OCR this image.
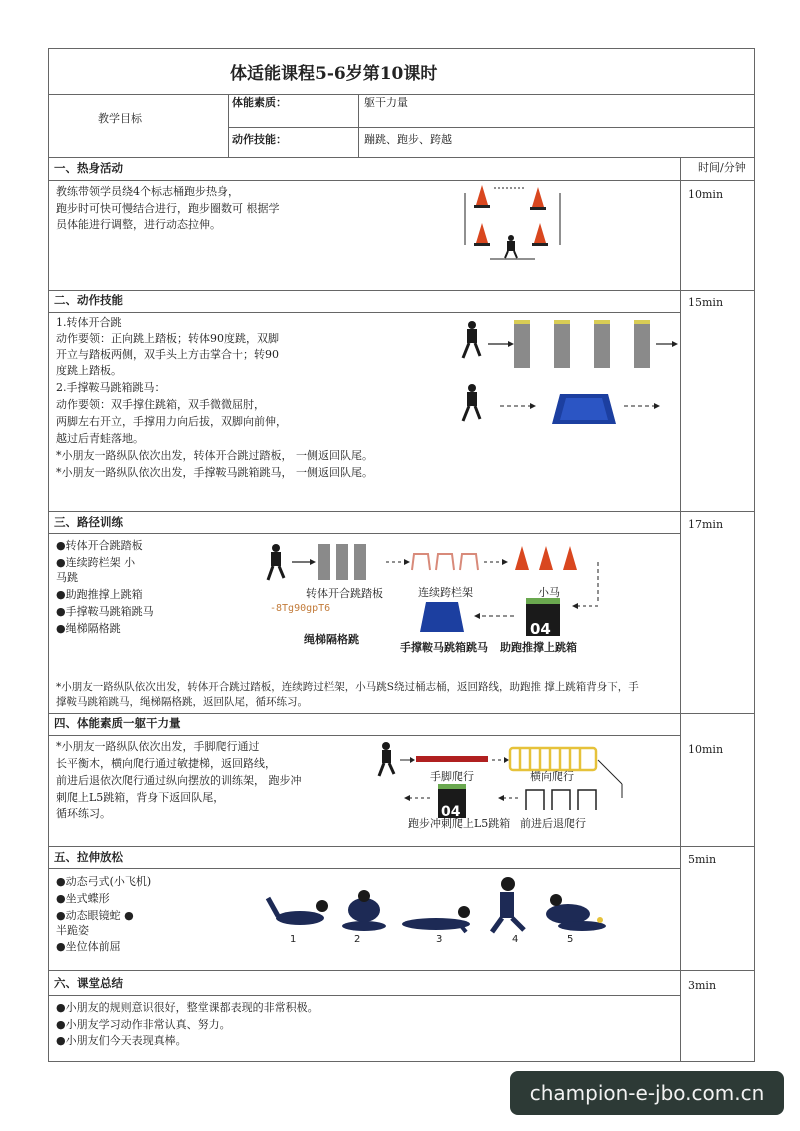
体适能课程5-6岁第10课时
教学目标
体能素质：	躯干力量
动作技能：	蹦跳、跑步、跨越
时间/分钟
一、热身活动
教练带领学员绕4个标志桶跑步热身，
跑步时可快可慢结合进行，跑步圈数可 根据学
员体能进行调整，进行动态拉伸。
10min
二、动作技能	15min
1.转体开合跳
动作要领：正向跳上踏板；转体90度跳，双脚
开立与踏板两侧，双手头上方击掌合十；转90
度跳上踏板。
2.手撑鞍马跳箱跳马：
动作要领：双手撑住跳箱，双手微微屈肘，
两脚左右开立，手撑用力向后拔，双脚向前伸，
越过后青蛙落地。
*小朋友一路纵队依次出发，转体开合跳过踏板， 一侧返回队尾。
*小朋友一路纵队依次出发，手撑鞍马跳箱跳马， 一侧返回队尾。
三、路径训练	17min
●转体开合跳踏板
●连续跨栏架 小
马跳
●助跑推撑上跳箱
●手撑鞍马跳箱跳马
●绳梯隔格跳	04
转体开合跳踏板	连续跨栏架	小马
-8Tg90gpT6
绳梯隔格跳
手撑鞍马跳箱跳马 助跑推撑上跳箱
*小朋友一路纵队依次出发，转体开合跳过踏板，连续跨过栏架，小马跳S绕过桶志桶，返回路线，助跑推 撑上跳箱背身下，手
撑鞍马跳箱跳马，绳梯隔格跳，返回队尾，循环练习。
四、体能素质一躯干力量
10min
*小朋友一路纵队依次出发，手脚爬行通过
长平衡木，横向爬行通过敏捷梯，返回路线，
前进后退依次爬行通过纵向摆放的训练架， 跑步冲
刺爬上L5跳箱，背身下返回队尾，
循环练习。	04
手脚爬行	横向爬行
跑步冲刺爬上L5跳箱 前进后退爬行
五、拉伸放松	5min
●动态弓式(小飞机)
●坐式蝶形
●动态眼镜蛇 ●
半跪姿
●坐位体前屈
1	2	3	4	5
六、课堂总结	3min
●小朋友的规则意识很好，整堂课都表现的非常积极。
●小朋友学习动作非常认真、努力。
●小朋友们今天表现真棒。
champion-e-jbo.com.cn
